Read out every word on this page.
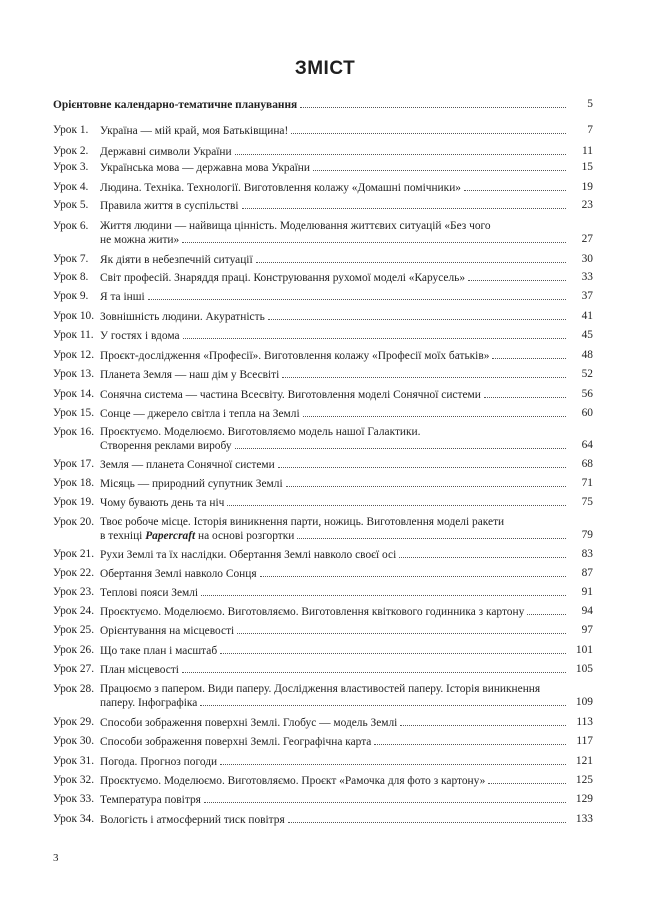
ЗМІСТ
Орієнтовне календарно-тематичне планування	5
Урок 1. Україна — мій край, моя Батьківщина!	7
Урок 2. Державні символи України	11
Урок 3. Українська мова — державна мова України	15
Урок 4. Людина. Техніка. Технології. Виготовлення колажу «Домашні помічники»	19
Урок 5. Правила життя в суспільстві	23
Урок 6. Життя людини — найвища цінність. Моделювання життєвих ситуацій «Без чого
не можна жити»	27
Урок 7. Як діяти в небезпечній ситуації	30
Урок 8. Світ професій. Знаряддя праці. Конструювання рухомої моделі «Карусель»	33
Урок 9. Я та інші	37
Урок 10. Зовнішність людини. Акуратність	41
Урок 11. У гостях і вдома	45
Урок 12. Проєкт-дослідження «Професії». Виготовлення колажу «Професії моїх батьків»	48
Урок 13. Планета Земля — наш дім у Всесвіті	52
Урок 14. Сонячна система — частина Всесвіту. Виготовлення моделі Сонячної системи	56
Урок 15. Сонце — джерело світла і тепла на Землі	60
Урок 16. Проєктуємо. Моделюємо. Виготовляємо модель нашої Галактики.
Створення реклами виробу	64
Урок 17. Земля — планета Сонячної системи	68
Урок 18. Місяць — природний супутник Землі	71
Урок 19. Чому бувають день та ніч	75
Урок 20. Твоє робоче місце. Історія виникнення парти, ножиць. Виготовлення моделі ракети
в техніці Papercraft на основі розгортки	79
Урок 21. Рухи Землі та їх наслідки. Обертання Землі навколо своєї осі	83
Урок 22. Обертання Землі навколо Сонця	87
Урок 23. Теплові пояси Землі	91
Урок 24. Проєктуємо. Моделюємо. Виготовляємо. Виготовлення квіткового годинника з картону	94
Урок 25. Орієнтування на місцевості	97
Урок 26. Що таке план і масштаб	101
Урок 27. План місцевості	105
Урок 28. Працюємо з папером. Види паперу. Дослідження властивостей паперу. Історія виникнення
паперу. Інфографіка	109
Урок 29. Способи зображення поверхні Землі. Глобус — модель Землі	113
Урок 30. Способи зображення поверхні Землі. Географічна карта	117
Урок 31. Погода. Прогноз погоди	121
Урок 32. Проєктуємо. Моделюємо. Виготовляємо. Проєкт «Рамочка для фото з картону»	125
Урок 33. Температура повітря	129
Урок 34. Вологість і атмосферний тиск повітря	133
3
